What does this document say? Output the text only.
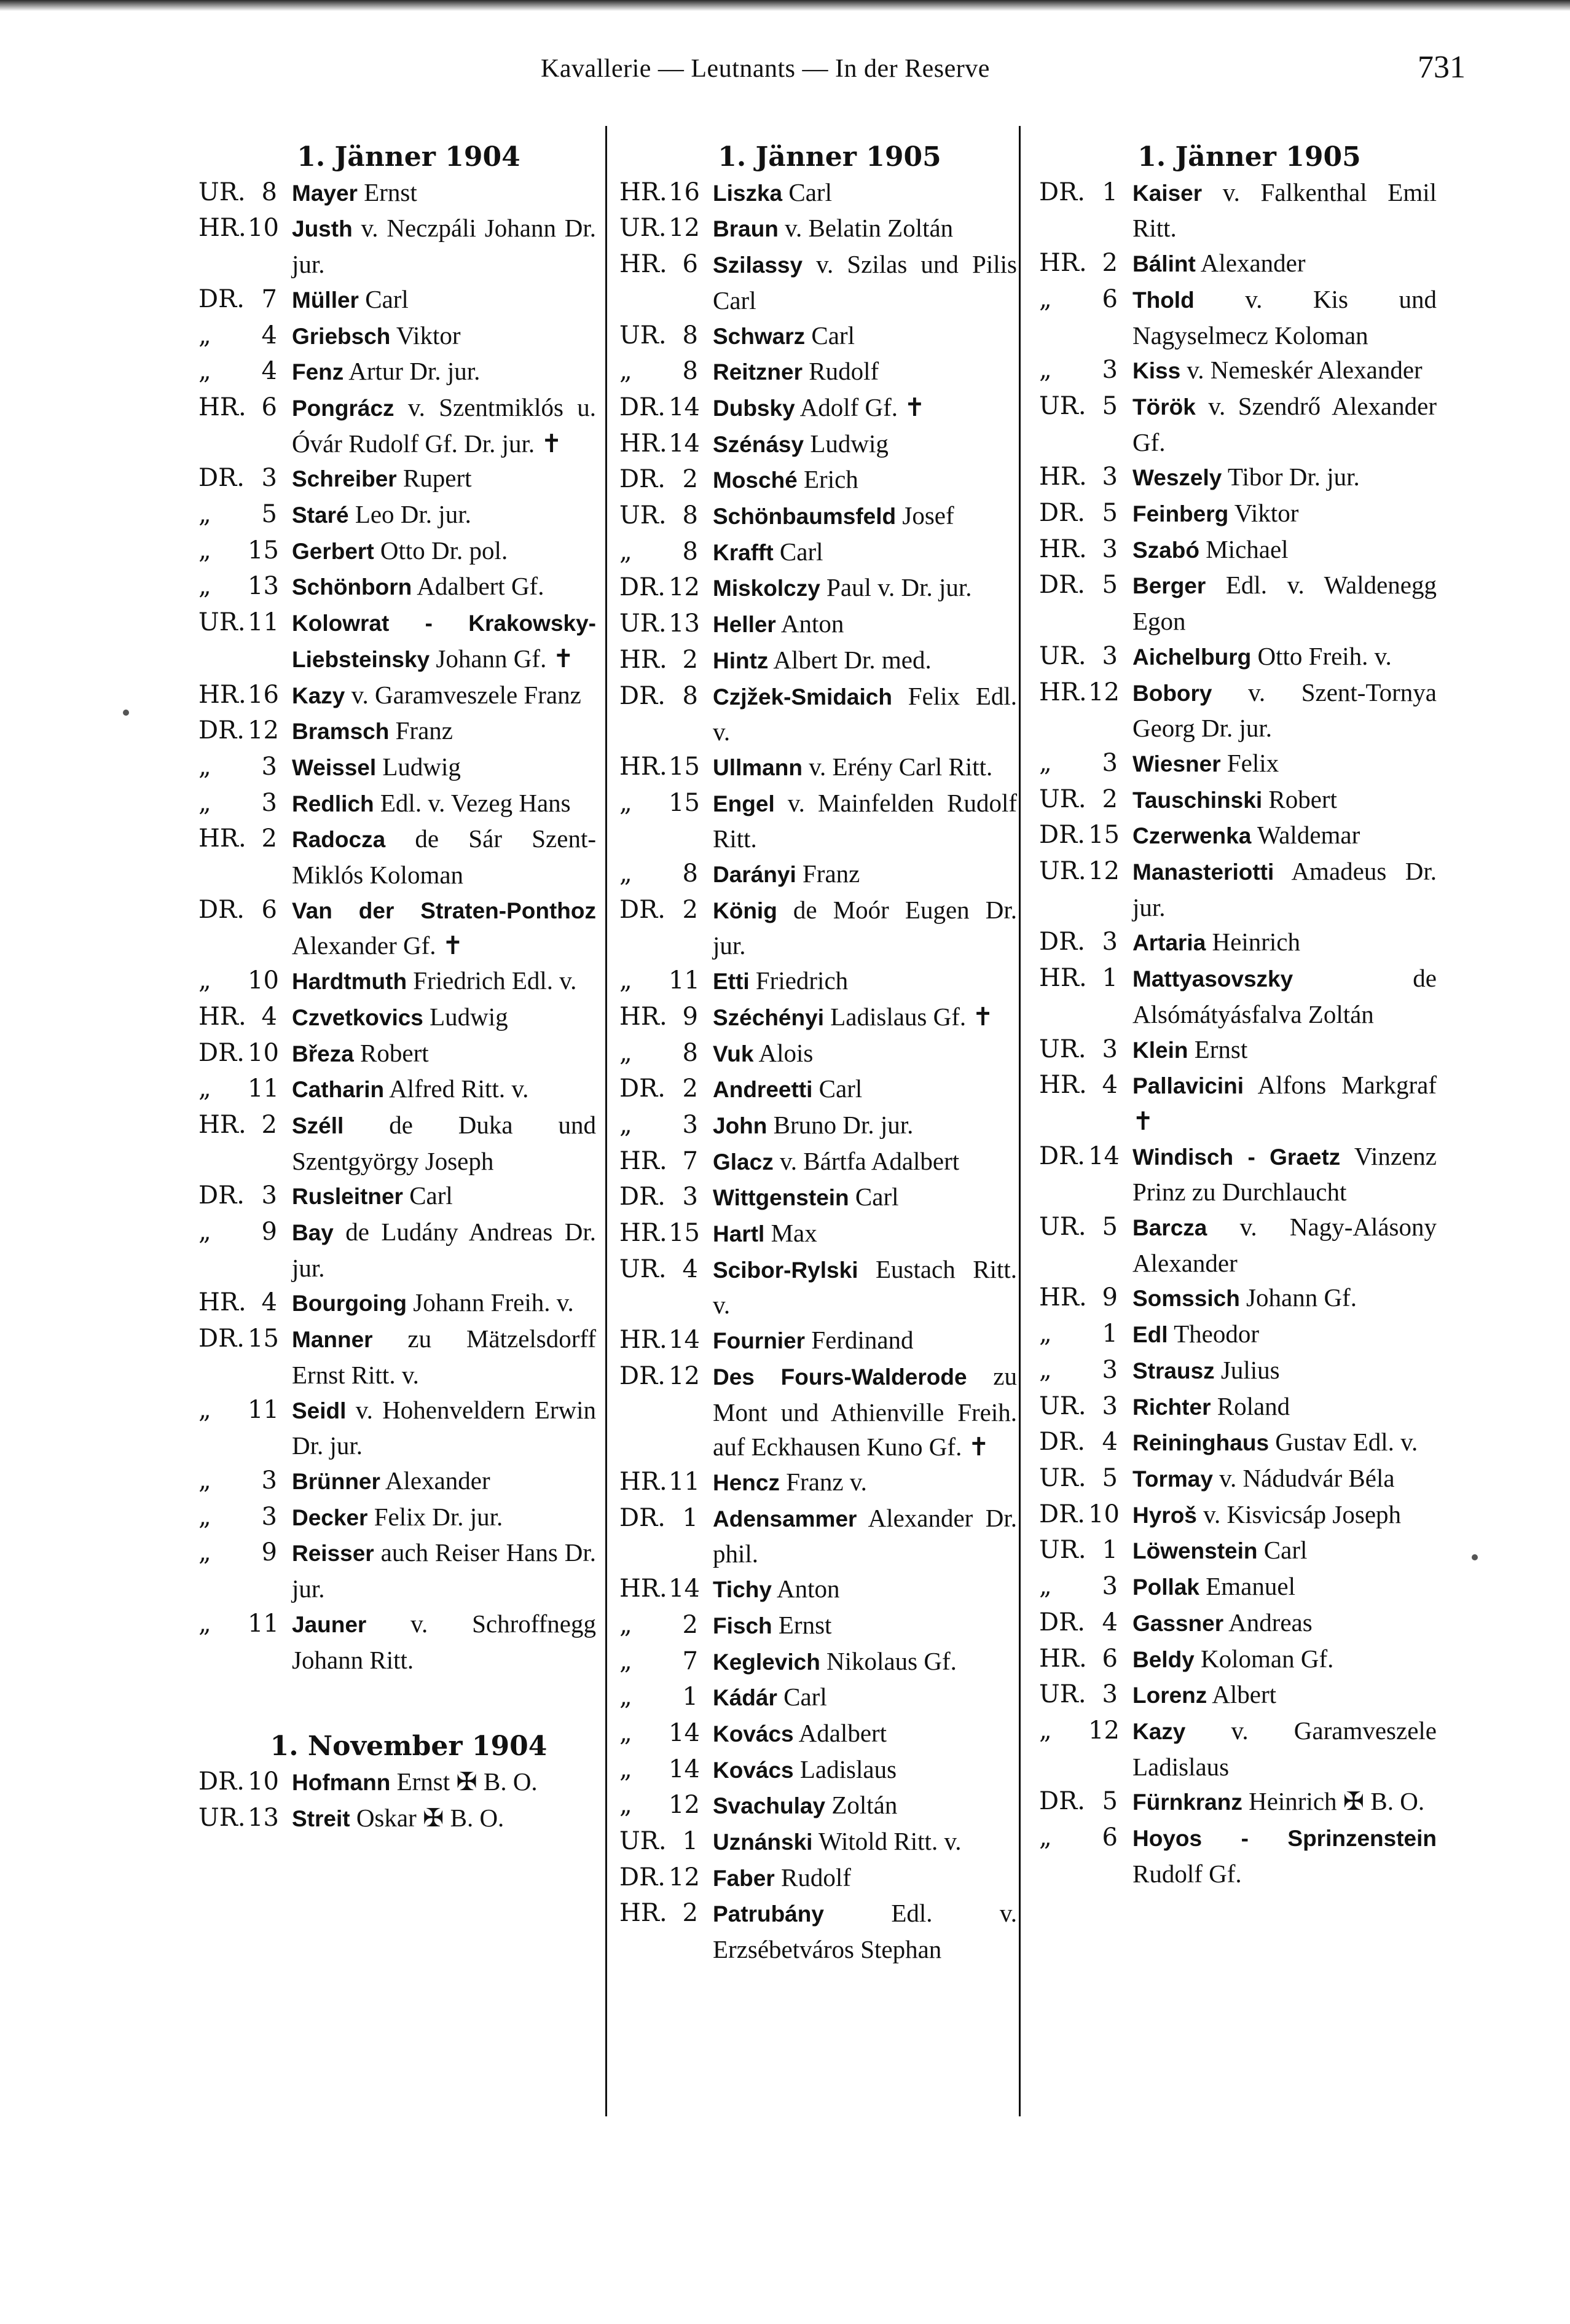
Kavallerie — Leutnants — In der Reserve	731
1. Jänner 1904
UR. 8 Mayer Ernst
HR. 10 Justh v. Neczpáli Johann Dr. jur.
DR. 7 Müller Carl
„	4 Griebsch Viktor
„	4 Fenz Artur Dr. jur.
HR. 6 Pongrácz v. Szentmiklós u. Óvár Rudolf Gf. Dr. jur. ✝
DR. 3 Schreiber Rupert
„	5 Staré Leo Dr. jur.
„	15 Gerbert Otto Dr. pol.
„	13 Schönborn Adalbert Gf.
UR. 11 Kolowrat - Krakowsky-Liebsteinsky Johann Gf. ✝
HR. 16 Kazy v. Garamveszele Franz
DR. 12 Bramsch Franz
„	3 Weissel Ludwig
„	3 Redlich Edl. v. Vezeg Hans
HR. 2 Radocza de Sár Szent-Miklós Koloman
DR. 6 Van der Straten-Ponthoz Alexander Gf. ✝
„	10 Hardtmuth Friedrich Edl. v.
HR. 4 Czvetkovics Ludwig
DR. 10 Březa Robert
„	11 Catharin Alfred Ritt. v.
HR. 2 Széll de Duka und Szentgyörgy Joseph
DR. 3 Rusleitner Carl
„	9 Bay de Ludány Andreas Dr. jur.
HR. 4 Bourgoing Johann Freih. v.
DR. 15 Manner zu Mätzelsdorff Ernst Ritt. v.
„	11 Seidl v. Hohenveldern Erwin Dr. jur.
„	3 Brünner Alexander
„	3 Decker Felix Dr. jur.
„	9 Reisser auch Reiser Hans Dr. jur.
„	11 Jauner v. Schroffnegg Johann Ritt.
1. November 1904
DR. 10 Hofmann Ernst ✠ B. O.
UR. 13 Streit Oskar ✠ B. O.
1. Jänner 1905
HR. 16 Liszka Carl
UR. 12 Braun v. Belatin Zoltán
HR. 6 Szilassy v. Szilas und Pilis Carl
UR. 8 Schwarz Carl
„	8 Reitzner Rudolf
DR. 14 Dubsky Adolf Gf. ✝
HR. 14 Szénásy Ludwig
DR. 2 Mosché Erich
UR. 8 Schönbaumsfeld Josef
„	8 Krafft Carl
DR. 12 Miskolczy Paul v. Dr. jur.
UR. 13 Heller Anton
HR. 2 Hintz Albert Dr. med.
DR. 8 Czjžek-Smidaich Felix Edl. v.
HR. 15 Ullmann v. Erény Carl Ritt.
„	15 Engel v. Mainfelden Rudolf Ritt.
„	8 Darányi Franz
DR. 2 König de Moór Eugen Dr. jur.
„	11 Etti Friedrich
HR. 9 Széchényi Ladislaus Gf. ✝
„	8 Vuk Alois
DR. 2 Andreetti Carl
„	3 John Bruno Dr. jur.
HR. 7 Glacz v. Bártfa Adalbert
DR. 3 Wittgenstein Carl
HR. 15 Hartl Max
UR. 4 Scibor-Rylski Eustach Ritt. v.
HR. 14 Fournier Ferdinand
DR. 12 Des Fours-Walderode zu Mont und Athienville Freih. auf Eckhausen Kuno Gf. ✝
HR. 11 Hencz Franz v.
DR. 1 Adensammer Alexander Dr. phil.
HR. 14 Tichy Anton
„	2 Fisch Ernst
„	7 Keglevich Nikolaus Gf.
„	1 Kádár Carl
„	14 Kovács Adalbert
„	14 Kovács Ladislaus
„	12 Svachulay Zoltán
UR. 1 Uznánski Witold Ritt. v.
DR. 12 Faber Rudolf
HR. 2 Patrubány Edl. v. Erzsébetváros Stephan
1. Jänner 1905
DR. 1 Kaiser v. Falkenthal Emil Ritt.
HR. 2 Bálint Alexander
„	6 Thold v. Kis und Nagyselmecz Koloman
„	3 Kiss v. Nemeskér Alexander
UR. 5 Török v. Szendrő Alexander Gf.
HR. 3 Weszely Tibor Dr. jur.
DR. 5 Feinberg Viktor
HR. 3 Szabó Michael
DR. 5 Berger Edl. v. Waldenegg Egon
UR. 3 Aichelburg Otto Freih. v.
HR. 12 Bobory v. Szent-Tornya Georg Dr. jur.
„	3 Wiesner Felix
UR. 2 Tauschinski Robert
DR. 15 Czerwenka Waldemar
UR. 12 Manasteriotti Amadeus Dr. jur.
DR. 3 Artaria Heinrich
HR. 1 Mattyasovszky de Alsómátyásfalva Zoltán
UR. 3 Klein Ernst
HR. 4 Pallavicini Alfons Markgraf ✝
DR. 14 Windisch - Graetz Vinzenz Prinz zu Durchlaucht
UR. 5 Barcza v. Nagy-Alásony Alexander
HR. 9 Somssich Johann Gf.
„	1 Edl Theodor
„	3 Strausz Julius
UR. 3 Richter Roland
DR. 4 Reininghaus Gustav Edl. v.
UR. 5 Tormay v. Nádudvár Béla
DR. 10 Hyroš v. Kisvicsáp Joseph
UR. 1 Löwenstein Carl
„	3 Pollak Emanuel
DR. 4 Gassner Andreas
HR. 6 Beldy Koloman Gf.
UR. 3 Lorenz Albert
„	12 Kazy v. Garamveszele Ladislaus
DR. 5 Fürnkranz Heinrich ✠ B. O.
„	6 Hoyos - Sprinzenstein Rudolf Gf.
